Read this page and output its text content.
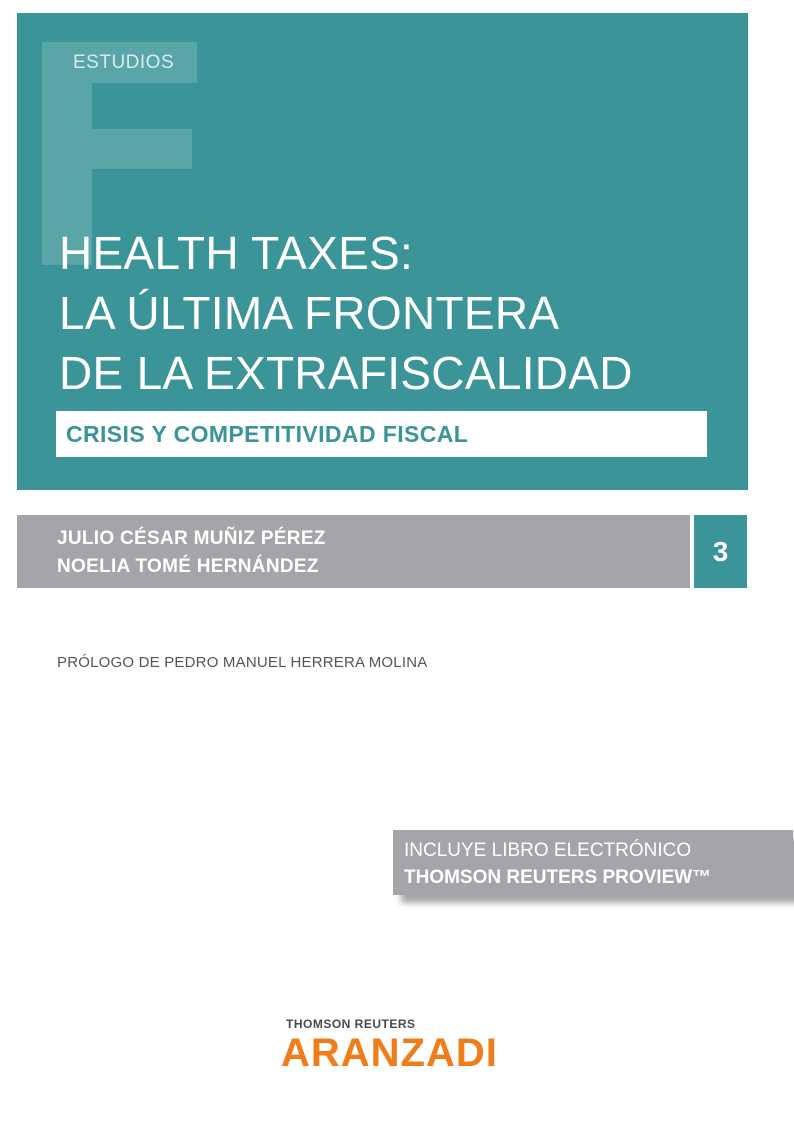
ESTUDIOS
HEALTH TAXES:
LA ÚLTIMA FRONTERA
DE LA EXTRAFISCALIDAD
CRISIS Y COMPETITIVIDAD FISCAL
JULIO CÉSAR MUÑIZ PÉREZ
NOELIA TOMÉ HERNÁNDEZ	3
PRÓLOGO DE PEDRO MANUEL HERRERA MOLINA
INCLUYE LIBRO ELECTRÓNICO
THOMSON REUTERS PROVIEW™
THOMSON REUTERS
ARANZADI
